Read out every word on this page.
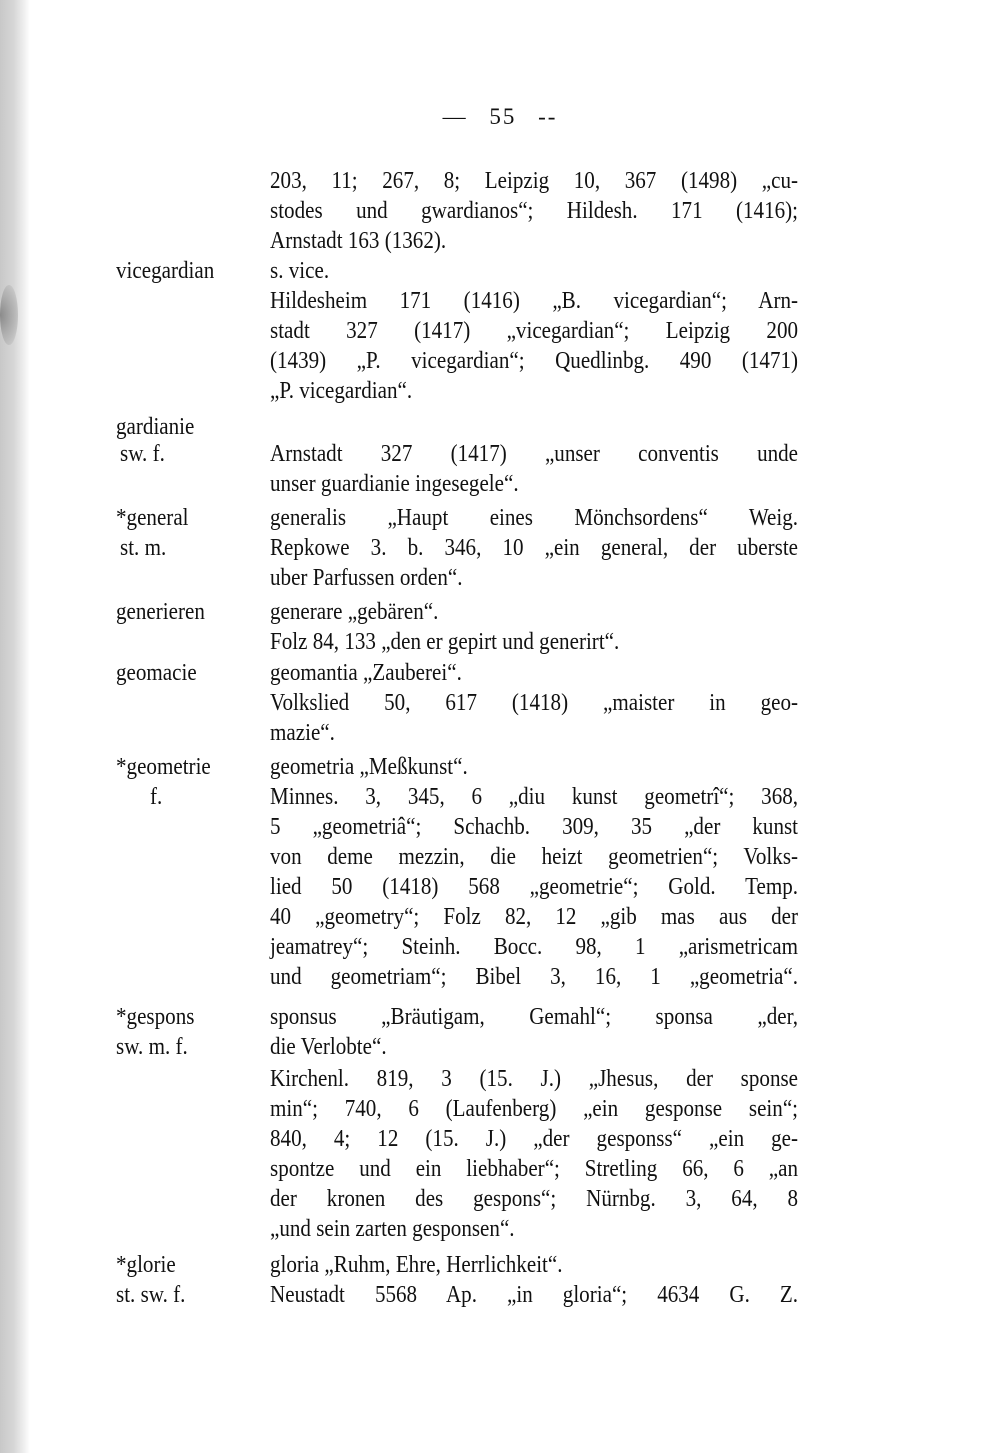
— 55 --
203, 11; 267, 8; Leipzig 10, 367 (1498) „cu-
stodes und gwardianos“; Hildesh. 171 (1416);
Arnstadt 163 (1362).
vicegardian s. vice.
Hildesheim 171 (1416) „B. vicegardian“; Arn-
stadt 327 (1417) „vicegardian“; Leipzig 200
(1439) „P. vicegardian“; Quedlinbg. 490 (1471)
„P. vicegardian“.
gardianie
sw. f.	Arnstadt 327 (1417) „unser conventis unde
unser guardianie ingesegele“.
*general	generalis „Haupt eines Mönchsordens“ Weig.
st. m.	Repkowe 3. b. 346, 10 „ein general, der uberste
uber Parfussen orden“.
generieren	generare „gebären“.
Folz 84, 133 „den er gepirt und generirt“.
geomacie	geomantia „Zauberei“.
Volkslied 50, 617 (1418) „maister in geo-
mazie“.
*geometrie geometria „Meßkunst“.
f.	Minnes. 3, 345, 6 „diu kunst geometrî“; 368,
5 „geometriâ“; Schachb. 309, 35 „der kunst
von deme mezzin, die heizt geometrien“; Volks-
lied 50 (1418) 568 „geometrie“; Gold. Temp.
40 „geometry“; Folz 82, 12 „gib mas aus der
jeamatrey“; Steinh. Bocc. 98, 1 „arismetricam
und geometriam“; Bibel 3, 16, 1 „geometria“.
*gespons	sponsus „Bräutigam, Gemahl“; sponsa „der,
sw. m. f.	die Verlobte“.
Kirchenl. 819, 3 (15. J.) „Jhesus, der sponse
min“; 740, 6 (Laufenberg) „ein gesponse sein“;
840, 4; 12 (15. J.) „der gesponss“ „ein ge-
spontze und ein liebhaber“; Stretling 66, 6 „an
der kronen des gespons“; Nürnbg. 3, 64, 8
„und sein zarten gesponsen“.
*glorie	gloria „Ruhm, Ehre, Herrlichkeit“.
st. sw. f.	Neustadt 5568 Ap. „in gloria“; 4634 G. Z.
